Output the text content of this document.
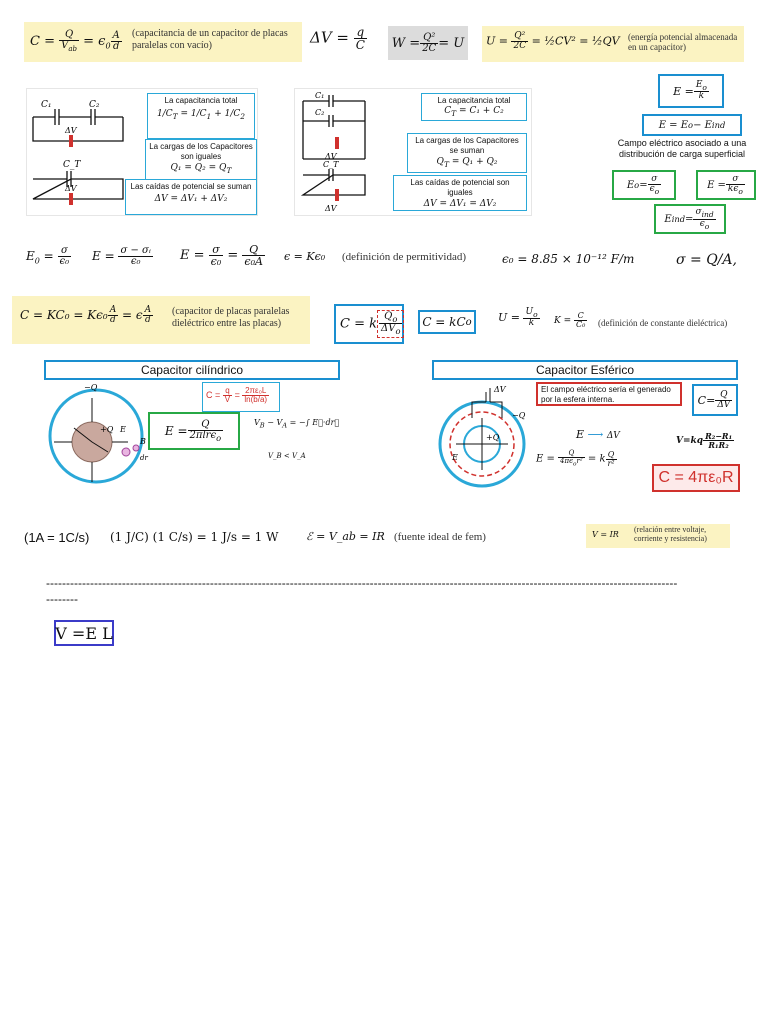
$C = \frac{Q}{V_{ab}} = \epsilon_0 \frac{A}{d}$ (capacitancia de un capacitor de placas paralelas con vacío)	$\Delta V = \frac{q}{C}$ $W = \frac{\text{Q²}}{2C} = U$	$U = \frac{\text{Q²}}{2C}$ = ½CV² = ½QV (energía potencial almacenada en un capacitor)
C₁	C₂
C_T
ΔV
ΔV
La capacitancia total
$1/C_T = 1/C_1 + 1/C_2$
La cargas de los Capacitores son iguales
$Q_1 = Q_2 = Q_T$
Las caídas de potencial se suman
ΔV = ΔV₁ + ΔV₂
C₁
C₂
C_T
ΔV
ΔV
La capacitancia total
$C_T = C_1 + C_2$
La cargas de los Capacitores se suman
$Q_T = Q_1 + Q_2$
Las caídas de potencial son iguales
ΔV = ΔV₁ = ΔV₂
$E = \frac{E_o}{k}$
E = E o − E ind
Campo eléctrico asociado a una distribución de carga superficial
E $o = \frac{\sigma}{\epsilon_o}$	$E = \frac{\sigma}{k\epsilon_o}$
E ind = $\frac{\sigma_{ind}}{\epsilon_o}$
$E_0 = \frac{\sigma}{\text{ϵ₀}}$ $E = \frac{\text{σ − σᵢ}}{\text{ϵ₀}}$ $E = \frac{\sigma}{\text{ϵ₀}} = \frac{Q}{\text{ϵ₀A}}$ ϵ = Kϵ₀ (definición de permitividad)	ϵ₀ = 8.85 × 10⁻¹² F/m	σ = Q/A,
$C = KC_0 = K\epsilon_0 \frac{A}{d} = \epsilon \frac{A}{d}$ (capacitor de placas paralelas dieléctrico entre las placas)	C = k $\frac{Q_o}{\Delta V_o}$	C = kC o $U = \frac{U_o}{k}$ $K = \frac{C}{\text{C₀}}$ (definición de constante dieléctrica)
Capacitor cilíndrico
−Q
+Q E
B
dr
$C = \frac{q}{V} = \frac{\text{2πε₀L}}{\ln(b/a)}$
$E = \frac{Q}{2\pi lr\epsilon_o}$	$V_B - V_A$ = −∫ E⃗·dr⃗
V_B < V_A
Capacitor Esférico
ΔV
−Q
+Q
E
El campo eléctrico sería el generado por la esfera interna.	$C= \frac{Q}{\Delta V}$
E ⟶ ΔV
$E = \frac{Q}{4\pi\epsilon_or^2} = k \frac{Q}{\text{r²}}$
$V=kq \frac{\text{R₂−R₁}}{\text{R₁R₂}}$
C = 4πε₀R
(1A = 1C/s) (1 J/C) (1 C/s) = 1 J/s = 1 W	ℰ = V_ab = IR (fuente ideal de fem)	V = IR
(relación entre voltaje, corriente y resistencia)
--------------------------------------------------------------------------------------------------------------------------------------------------------------
--------
V =E L
